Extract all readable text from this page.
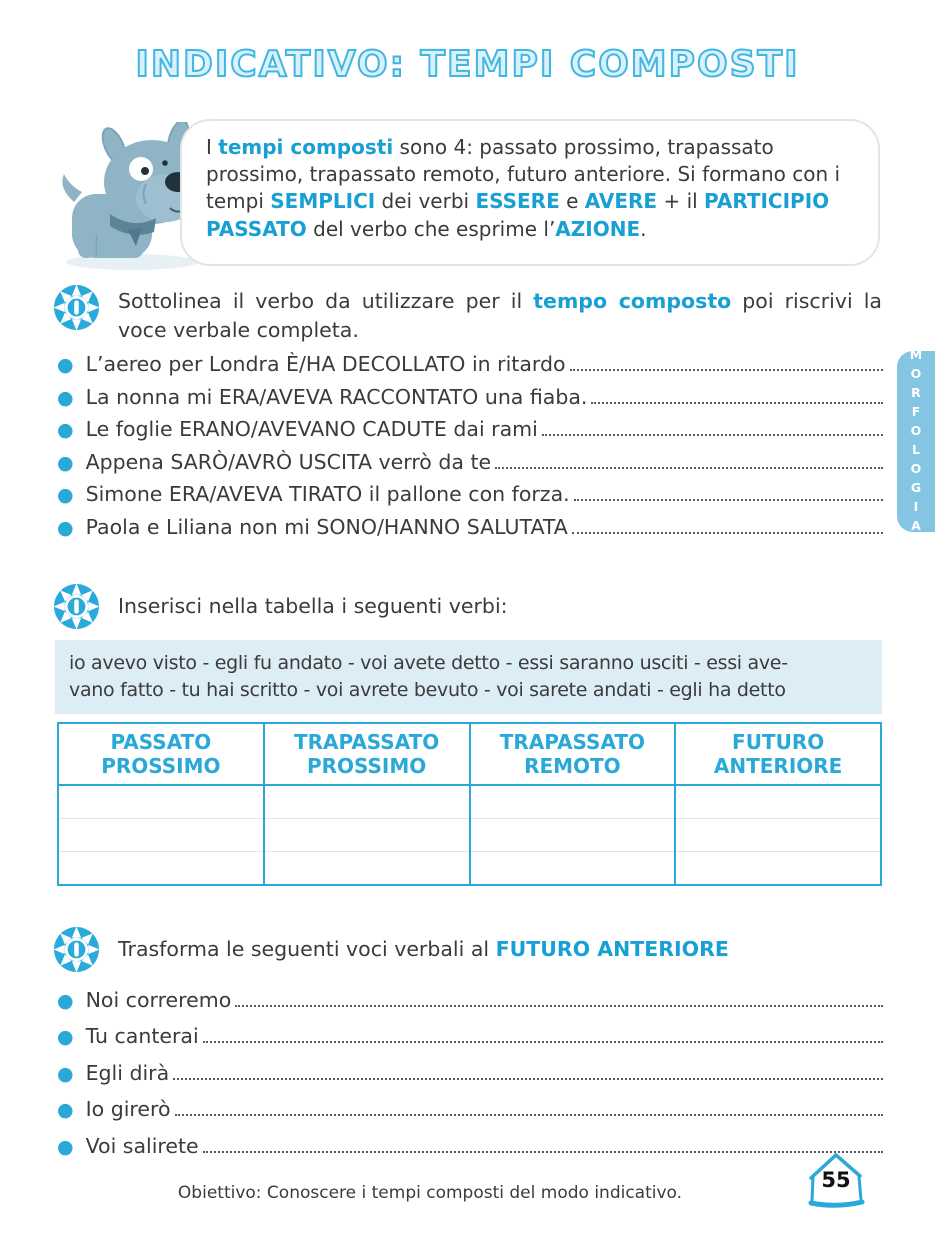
INDICATIVO: TEMPI COMPOSTI
I tempi composti sono 4: passato prossimo, trapassato prossimo, trapassato remoto, futuro anteriore. Si formano con i tempi SEMPLICI dei verbi ESSERE e AVERE + il PARTICIPIO PASSATO del verbo che esprime l’AZIONE.
Sottolinea il verbo da utilizzare per il tempo composto poi riscrivi la voce verbale completa.
● L’aereo per Londra È/HA DECOLLATO in ritardo
● La nonna mi ERA/AVEVA RACCONTATO una fiaba.
● Le foglie ERANO/AVEVANO CADUTE dai rami
● Appena SARÒ/AVRÒ USCITA verrò da te
● Simone ERA/AVEVA TIRATO il pallone con forza.
● Paola e Liliana non mi SONO/HANNO SALUTATA	MORFOLOGIA
Inserisci nella tabella i seguenti verbi:
io avevo visto - egli fu andato - voi avete detto - essi saranno usciti - essi ave-
vano fatto - tu hai scritto - voi avrete bevuto - voi sarete andati - egli ha detto
PASSATO PROSSIMO	TRAPASSATO PROSSIMO	TRAPASSATO REMOTO	FUTURO ANTERIORE

Trasforma le seguenti voci verbali al FUTURO ANTERIORE
● Noi correremo
● Tu canterai
● Egli dirà
● Io girerò
● Voi salirete
Obiettivo: Conoscere i tempi composti del modo indicativo.
55
